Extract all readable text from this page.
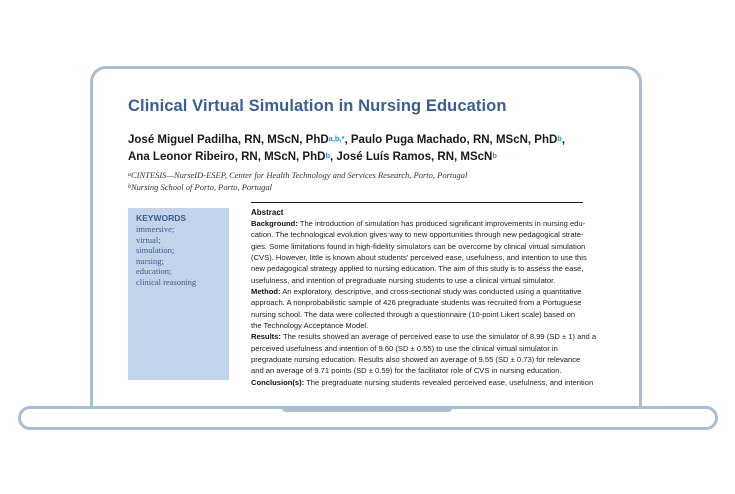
Clinical Virtual Simulation in Nursing Education
José Miguel Padilha, RN, MScN, PhD$^{a,b,*}$, Paulo Puga Machado, RN, MScN, PhD$^b$,
Ana Leonor Ribeiro, RN, MScN, PhD$^b$, José Luís Ramos, RN, MScN$^b$
$^a$CINTESIS—NurseID-ESEP, Center for Health Technology and Services Research, Porto, Portugal
$^b$Nursing School of Porto, Porto, Portugal
KEYWORDS
immersive;
virtual;
simulation;
nursing;
education;
clinical reasoning
Abstract
Background: The introduction of simulation has produced significant improvements in nursing edu-
cation. The technological evolution gives way to new opportunities through new pedagogical strate-
gies. Some limitations found in high-fidelity simulators can be overcome by clinical virtual simulation
(CVS). However, little is known about students' perceived ease, usefulness, and intention to use this
new pedagogical strategy applied to nursing education. The aim of this study is to assess the ease,
usefulness, and intention of pregraduate nursing students to use a clinical virtual simulator.
Method: An exploratory, descriptive, and cross-sectional study was conducted using a quantitative
approach. A nonprobabilistic sample of 426 pregraduate students was recruited from a Portuguese
nursing school. The data were collected through a questionnaire (10-point Likert scale) based on
the Technology Acceptance Model.
Results: The results showed an average of perceived ease to use the simulator of 8.99 (SD ± 1) and a
perceived usefulness and intention of 9.60 (SD ± 0.55) to use the clinical virtual simulator in
pregraduate nursing education. Results also showed an average of 9.55 (SD ± 0.73) for relevance
and an average of 9.71 points (SD ± 0.59) for the facilitator role of CVS in nursing education.
Conclusion(s): The pregraduate nursing students revealed perceived ease, usefulness, and intention
